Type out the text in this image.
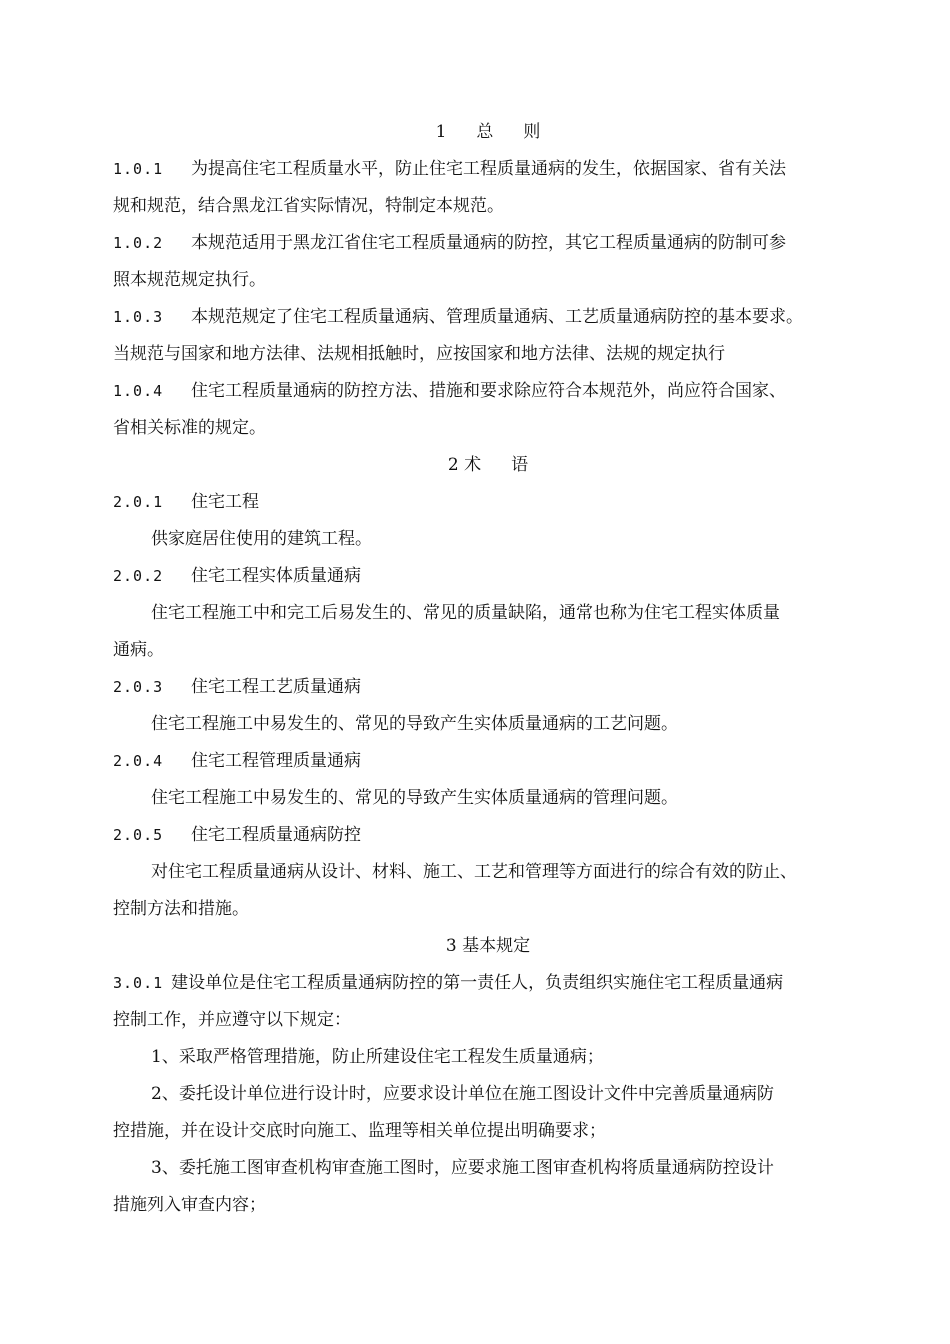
1 总 则
1.0.1 为提高住宅工程质量水平，防止住宅工程质量通病的发生，依据国家、省有关法
规和规范，结合黑龙江省实际情况，特制定本规范。
1.0.2 本规范适用于黑龙江省住宅工程质量通病的防控，其它工程质量通病的防制可参
照本规范规定执行。
1.0.3 本规范规定了住宅工程质量通病、管理质量通病、工艺质量通病防控的基本要求。
当规范与国家和地方法律、法规相抵触时，应按国家和地方法律、法规的规定执行
1.0.4 住宅工程质量通病的防控方法、措施和要求除应符合本规范外，尚应符合国家、
省相关标准的规定。
2 术 语
2.0.1 住宅工程
供家庭居住使用的建筑工程。
2.0.2 住宅工程实体质量通病
住宅工程施工中和完工后易发生的、常见的质量缺陷，通常也称为住宅工程实体质量
通病。
2.0.3 住宅工程工艺质量通病
住宅工程施工中易发生的、常见的导致产生实体质量通病的工艺问题。
2.0.4 住宅工程管理质量通病
住宅工程施工中易发生的、常见的导致产生实体质量通病的管理问题。
2.0.5 住宅工程质量通病防控
对住宅工程质量通病从设计、材料、施工、工艺和管理等方面进行的综合有效的防止、
控制方法和措施。
3 基本规定
3.0.1 建设单位是住宅工程质量通病防控的第一责任人，负责组织实施住宅工程质量通病
控制工作，并应遵守以下规定：
1、采取严格管理措施，防止所建设住宅工程发生质量通病；
2、委托设计单位进行设计时，应要求设计单位在施工图设计文件中完善质量通病防
控措施，并在设计交底时向施工、监理等相关单位提出明确要求；
3、委托施工图审查机构审查施工图时，应要求施工图审查机构将质量通病防控设计
措施列入审查内容；
